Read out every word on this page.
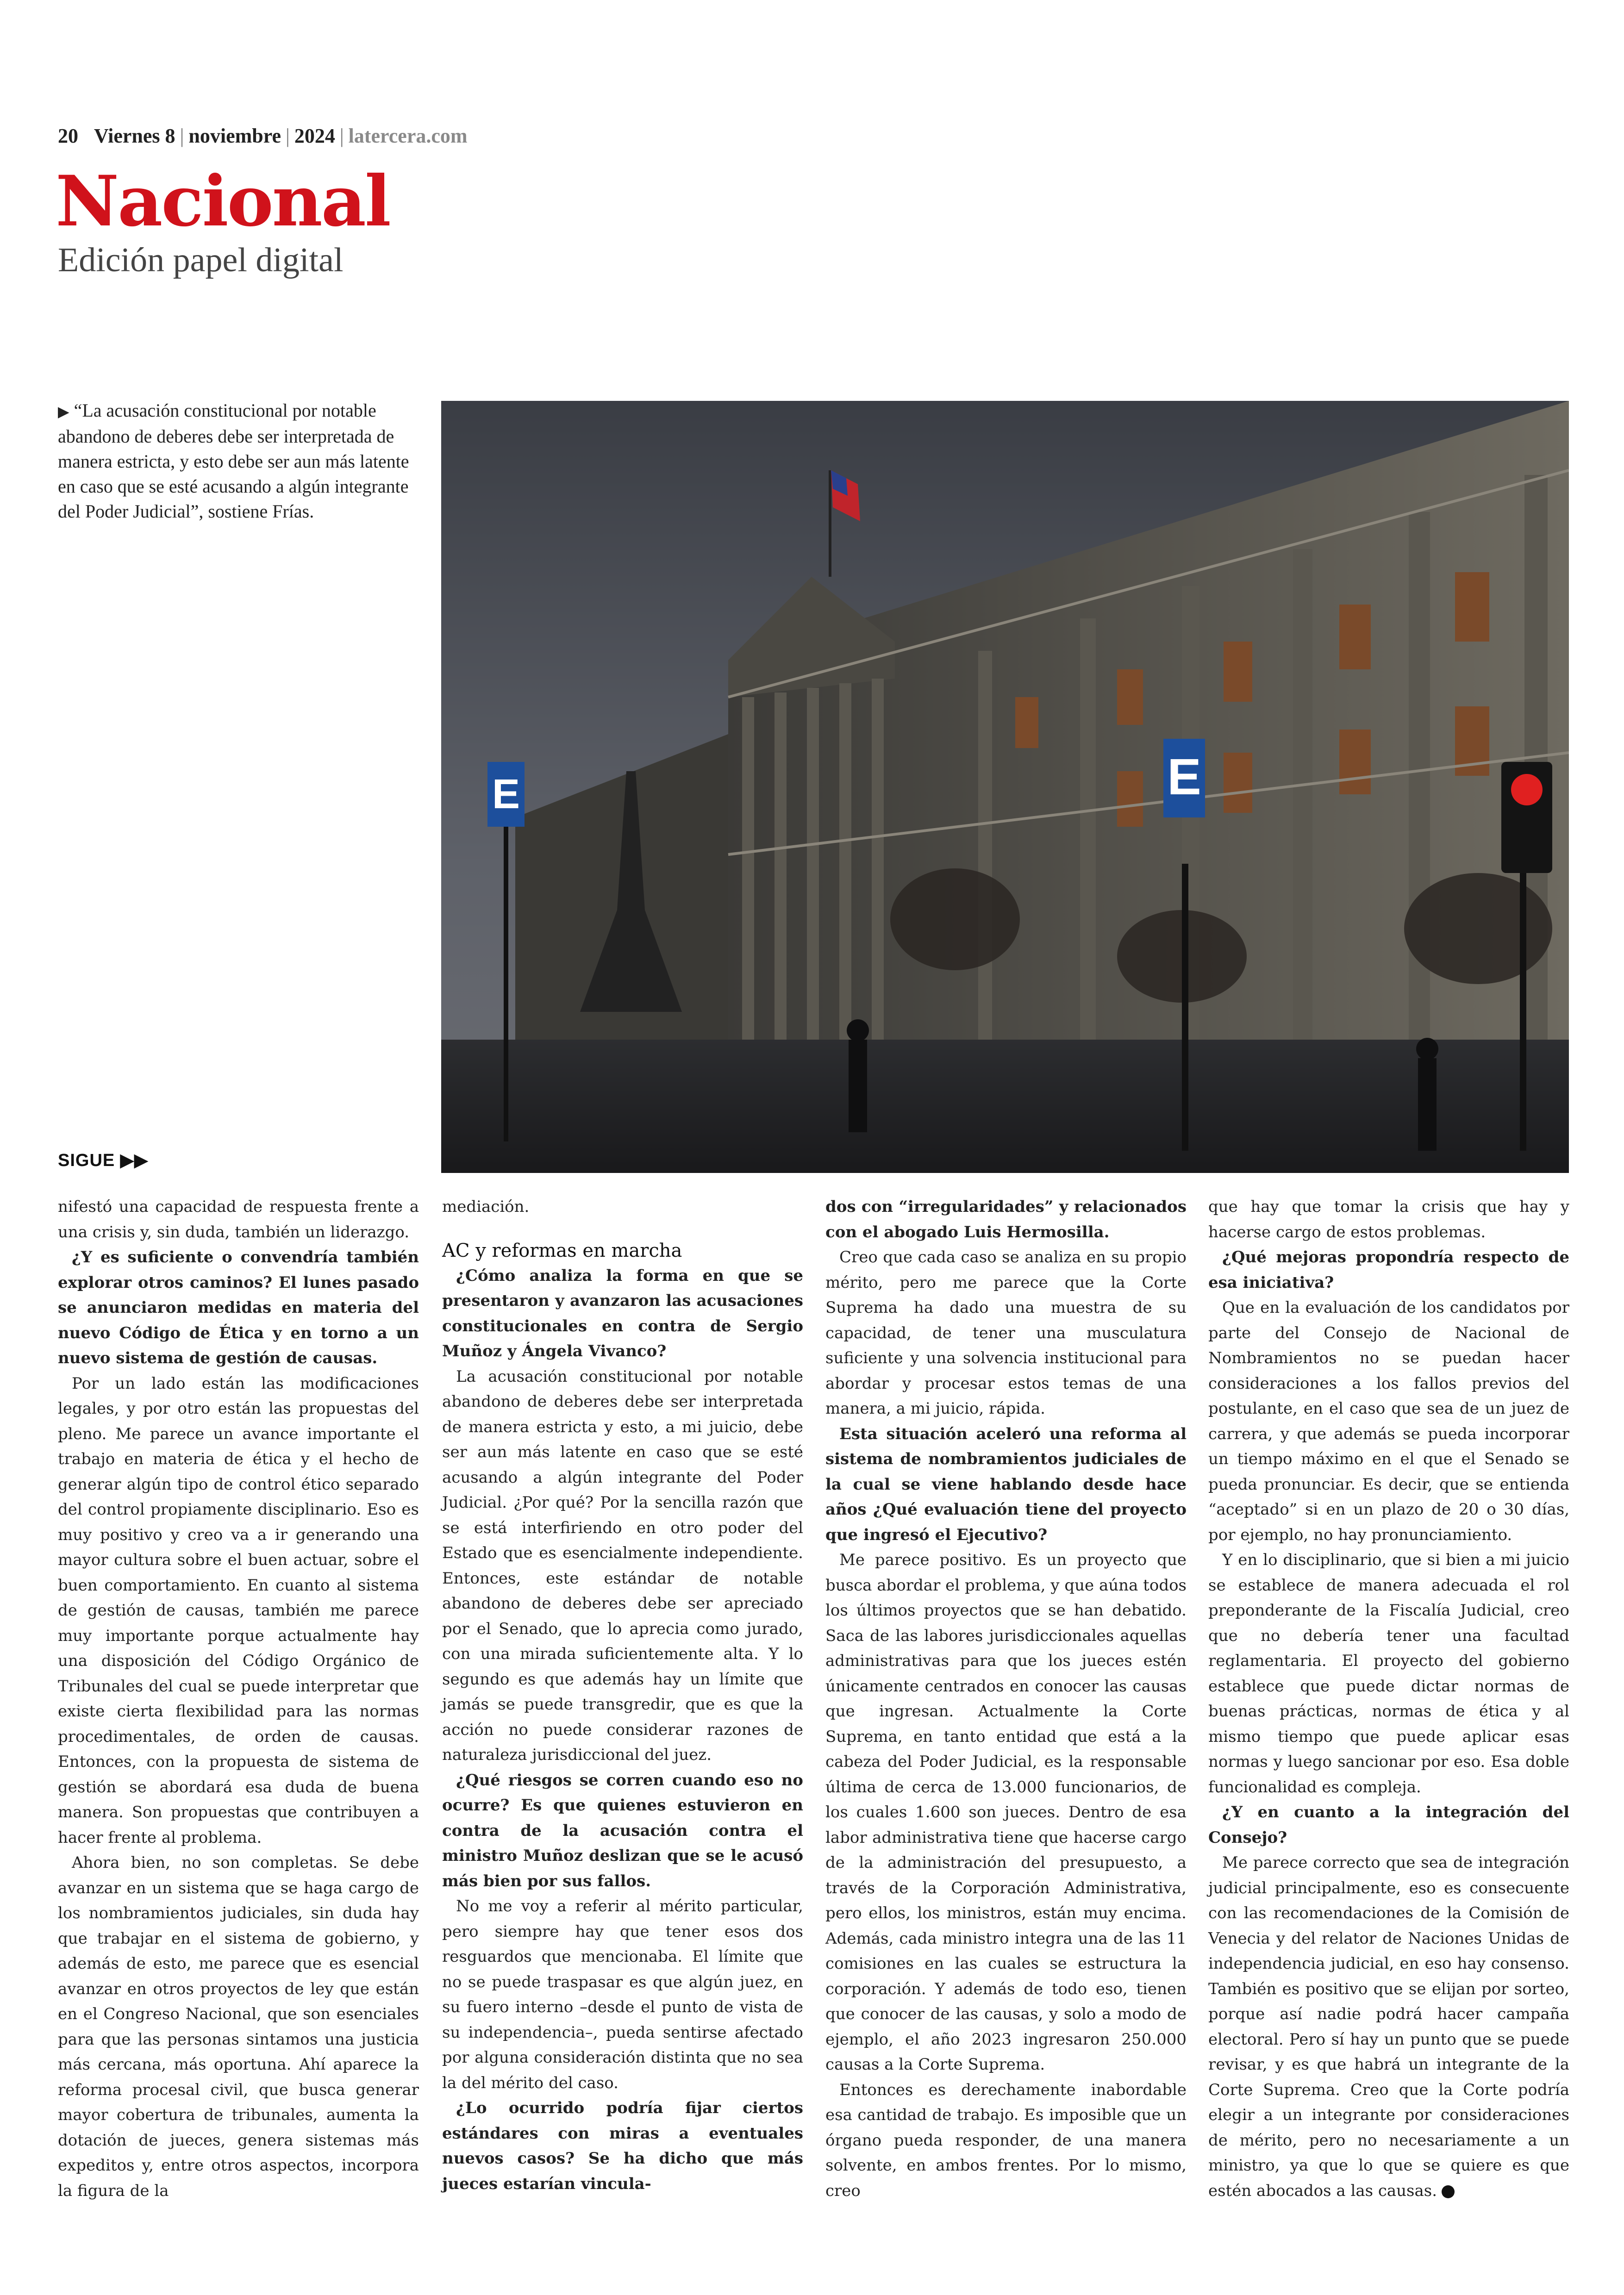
20 Viernes 8 | noviembre | 2024 | latercera.com
Nacional
Edición papel digital
▶ “La acusación constitucional por notable abandono de deberes debe ser interpretada de manera estricta, y esto debe ser aun más latente en caso que se esté acusando a algún integrante del Poder Judicial”, sostiene Frías.
E	E
SIGUE ▶▶

nifestó una capacidad de respuesta frente a una crisis y, sin duda, también un liderazgo.

¿Y es suficiente o convendría también explorar otros caminos? El lunes pasado se anunciaron medidas en materia del nuevo Código de Ética y en torno a un nuevo sistema de gestión de causas.

Por un lado están las modificaciones legales, y por otro están las propuestas del pleno. Me parece un avance importante el trabajo en materia de ética y el hecho de generar algún tipo de control ético separado del control propiamente disciplinario. Eso es muy positivo y creo va a ir generando una mayor cultura sobre el buen actuar, sobre el buen comportamiento. En cuanto al sistema de gestión de causas, también me parece muy importante porque actualmente hay una disposición del Código Orgánico de Tribunales del cual se puede interpretar que existe cierta flexibilidad para las normas procedimentales, de orden de causas. Entonces, con la propuesta de sistema de gestión se abordará esa duda de buena manera. Son propuestas que contribuyen a hacer frente al problema.

Ahora bien, no son completas. Se debe avanzar en un sistema que se haga cargo de los nombramientos judiciales, sin duda hay que trabajar en el sistema de gobierno, y además de esto, me parece que es esencial avanzar en otros proyectos de ley que están en el Congreso Nacional, que son esenciales para que las personas sintamos una justicia más cercana, más oportuna. Ahí aparece la reforma procesal civil, que busca generar mayor cobertura de tribunales, aumenta la dotación de jueces, genera sistemas más expeditos y, entre otros aspectos, incorpora la figura de la

mediación.

AC y reformas en marcha

¿Cómo analiza la forma en que se presentaron y avanzaron las acusaciones constitucionales en contra de Sergio Muñoz y Ángela Vivanco?

La acusación constitucional por notable abandono de deberes debe ser interpretada de manera estricta y esto, a mi juicio, debe ser aun más latente en caso que se esté acusando a algún integrante del Poder Judicial. ¿Por qué? Por la sencilla razón que se está interfiriendo en otro poder del Estado que es esencialmente independiente. Entonces, este estándar de notable abandono de deberes debe ser apreciado por el Senado, que lo aprecia como jurado, con una mirada suficientemente alta. Y lo segundo es que además hay un límite que jamás se puede transgredir, que es que la acción no puede considerar razones de naturaleza jurisdiccional del juez.

¿Qué riesgos se corren cuando eso no ocurre? Es que quienes estuvieron en contra de la acusación contra el ministro Muñoz deslizan que se le acusó más bien por sus fallos.

No me voy a referir al mérito particular, pero siempre hay que tener esos dos resguardos que mencionaba. El límite que no se puede traspasar es que algún juez, en su fuero interno –desde el punto de vista de su independencia–, pueda sentirse afectado por alguna consideración distinta que no sea la del mérito del caso.

¿Lo ocurrido podría fijar ciertos estándares con miras a eventuales nuevos casos? Se ha dicho que más jueces estarían vincula-

dos con “irregularidades” y relacionados con el abogado Luis Hermosilla.

Creo que cada caso se analiza en su propio mérito, pero me parece que la Corte Suprema ha dado una muestra de su capacidad, de tener una musculatura suficiente y una solvencia institucional para abordar y procesar estos temas de una manera, a mi juicio, rápida.

Esta situación aceleró una reforma al sistema de nombramientos judiciales de la cual se viene hablando desde hace años ¿Qué evaluación tiene del proyecto que ingresó el Ejecutivo?

Me parece positivo. Es un proyecto que busca abordar el problema, y que aúna todos los últimos proyectos que se han debatido. Saca de las labores jurisdiccionales aquellas administrativas para que los jueces estén únicamente centrados en conocer las causas que ingresan. Actualmente la Corte Suprema, en tanto entidad que está a la cabeza del Poder Judicial, es la responsable última de cerca de 13.000 funcionarios, de los cuales 1.600 son jueces. Dentro de esa labor administrativa tiene que hacerse cargo de la administración del presupuesto, a través de la Corporación Administrativa, pero ellos, los ministros, están muy encima. Además, cada ministro integra una de las 11 comisiones en las cuales se estructura la corporación. Y además de todo eso, tienen que conocer de las causas, y solo a modo de ejemplo, el año 2023 ingresaron 250.000 causas a la Corte Suprema.

Entonces es derechamente inabordable esa cantidad de trabajo. Es imposible que un órgano pueda responder, de una manera solvente, en ambos frentes. Por lo mismo, creo

que hay que tomar la crisis que hay y hacerse cargo de estos problemas.

¿Qué mejoras propondría respecto de esa iniciativa?

Que en la evaluación de los candidatos por parte del Consejo de Nacional de Nombramientos no se puedan hacer consideraciones a los fallos previos del postulante, en el caso que sea de un juez de carrera, y que además se pueda incorporar un tiempo máximo en el que el Senado se pueda pronunciar. Es decir, que se entienda “aceptado” si en un plazo de 20 o 30 días, por ejemplo, no hay pronunciamiento.

Y en lo disciplinario, que si bien a mi juicio se establece de manera adecuada el rol preponderante de la Fiscalía Judicial, creo que no debería tener una facultad reglamentaria. El proyecto del gobierno establece que puede dictar normas de buenas prácticas, normas de ética y al mismo tiempo que puede aplicar esas normas y luego sancionar por eso. Esa doble funcionalidad es compleja.

¿Y en cuanto a la integración del Consejo?

Me parece correcto que sea de integración judicial principalmente, eso es consecuente con las recomendaciones de la Comisión de Venecia y del relator de Naciones Unidas de independencia judicial, en eso hay consenso. También es positivo que se elijan por sorteo, porque así nadie podrá hacer campaña electoral. Pero sí hay un punto que se puede revisar, y es que habrá un integrante de la Corte Suprema. Creo que la Corte podría elegir a un integrante por consideraciones de mérito, pero no necesariamente a un ministro, ya que lo que se quiere es que estén abocados a las causas.
